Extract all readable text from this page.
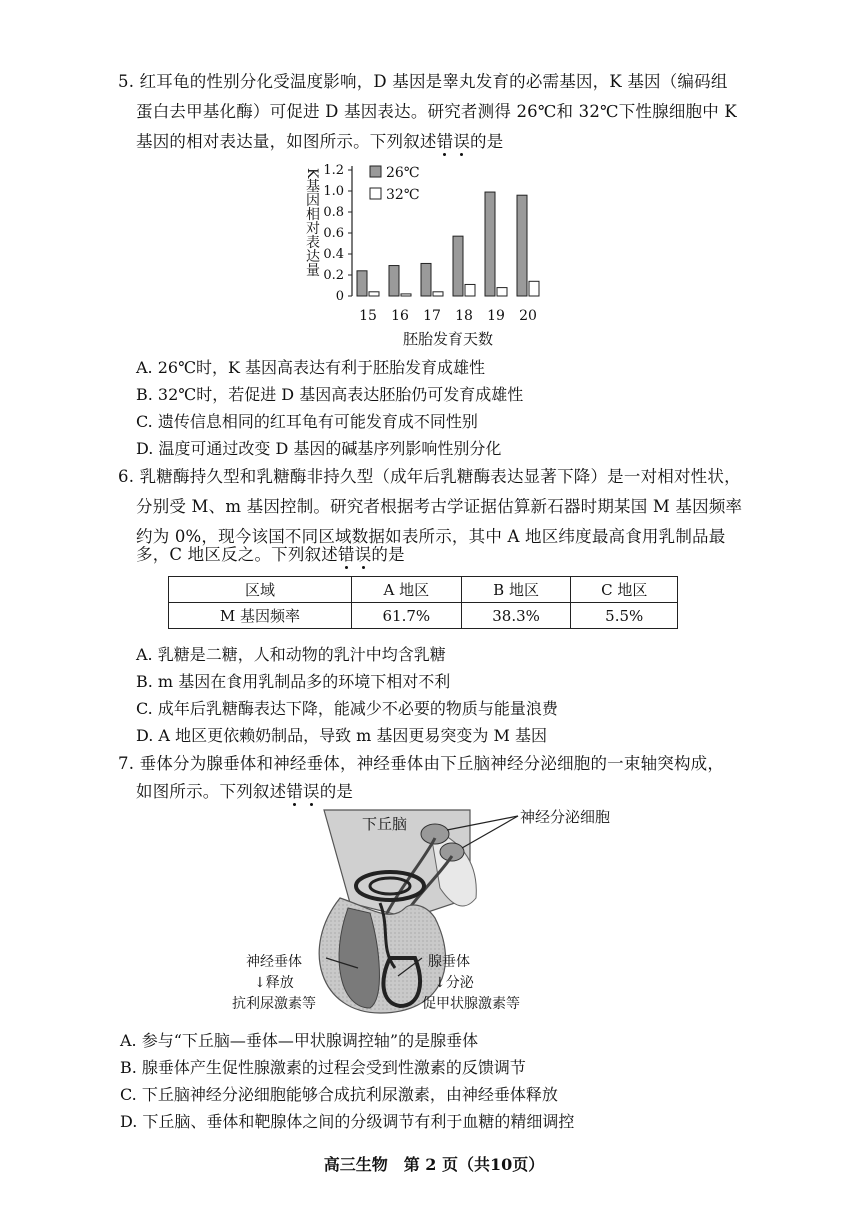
5. 红耳龟的性别分化受温度影响，D 基因是睾丸发育的必需基因，K 基因（编码组
蛋白去甲基化酶）可促进 D 基因表达。研究者测得 26℃和 32℃下性腺细胞中 K
基因的相对表达量，如图所示。下列叙述错误的是
K基因相对表达量 1.2
1.0
0.8
0.6
0.4
0.2
0
15 16 17 18 19 20
胚胎发育天数
26℃
32℃
A. 26℃时，K 基因高表达有利于胚胎发育成雄性
B. 32℃时，若促进 D 基因高表达胚胎仍可发育成雄性
C. 遗传信息相同的红耳龟有可能发育成不同性别
D. 温度可通过改变 D 基因的碱基序列影响性别分化
6. 乳糖酶持久型和乳糖酶非持久型（成年后乳糖酶表达显著下降）是一对相对性状，
分别受 M、m 基因控制。研究者根据考古学证据估算新石器时期某国 M 基因频率
约为 0%，现今该国不同区域数据如表所示，其中 A 地区纬度最高食用乳制品最
多，C 地区反之。下列叙述错误的是
区域	A 地区	B 地区	C 地区
M 基因频率	61.7%	38.3%	5.5%
A. 乳糖是二糖，人和动物的乳汁中均含乳糖
B. m 基因在食用乳制品多的环境下相对不利
C. 成年后乳糖酶表达下降，能减少不必要的物质与能量浪费
D. A 地区更依赖奶制品，导致 m 基因更易突变为 M 基因
7. 垂体分为腺垂体和神经垂体，神经垂体由下丘脑神经分泌细胞的一束轴突构成，
如图所示。下列叙述错误的是
下丘脑	神经分泌细胞
神经垂体
↓释放
抗利尿激素等
腺垂体
↓分泌
促甲状腺激素等
A. 参与“下丘脑—垂体—甲状腺调控轴”的是腺垂体
B. 腺垂体产生促性腺激素的过程会受到性激素的反馈调节
C. 下丘脑神经分泌细胞能够合成抗利尿激素，由神经垂体释放
D. 下丘脑、垂体和靶腺体之间的分级调节有利于血糖的精细调控
高三生物　第 2 页（共10页）
